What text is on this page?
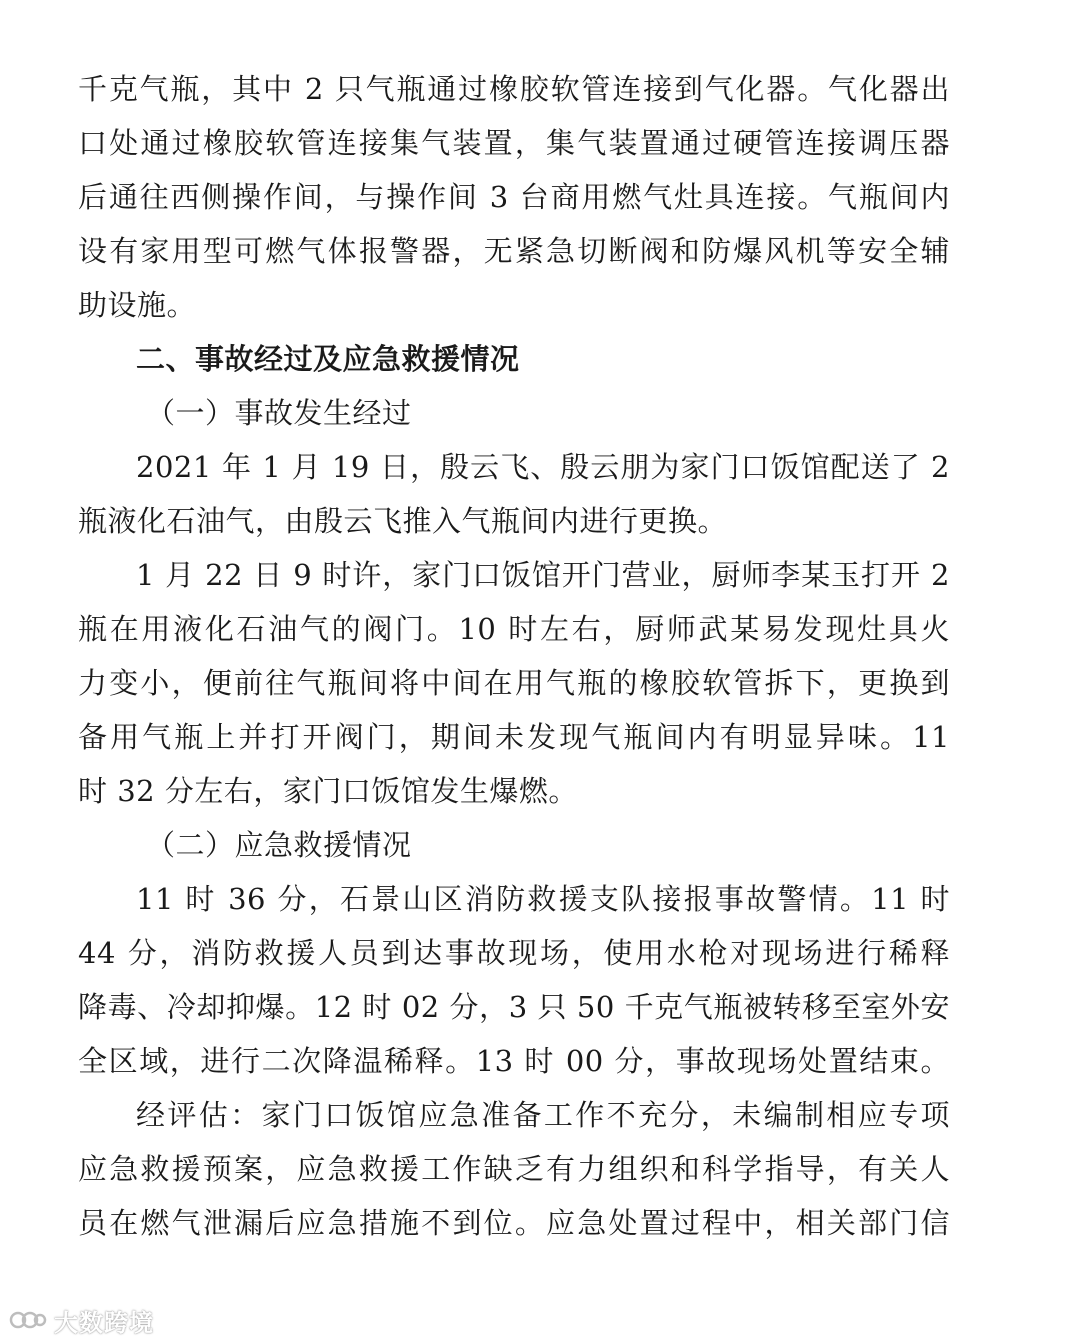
千克气瓶，其中 2 只气瓶通过橡胶软管连接到气化器。气化器出
口处通过橡胶软管连接集气装置，集气装置通过硬管连接调压器
后通往西侧操作间，与操作间 3 台商用燃气灶具连接。气瓶间内
设有家用型可燃气体报警器，无紧急切断阀和防爆风机等安全辅
助设施。
二、事故经过及应急救援情况
（一）事故发生经过
2021 年 1 月 19 日，殷云飞、殷云朋为家门口饭馆配送了 2
瓶液化石油气，由殷云飞推入气瓶间内进行更换。
1 月 22 日 9 时许，家门口饭馆开门营业，厨师李某玉打开 2
瓶在用液化石油气的阀门。10 时左右，厨师武某易发现灶具火
力变小，便前往气瓶间将中间在用气瓶的橡胶软管拆下，更换到
备用气瓶上并打开阀门，期间未发现气瓶间内有明显异味。11
时 32 分左右，家门口饭馆发生爆燃。
（二）应急救援情况
11 时 36 分，石景山区消防救援支队接报事故警情。11 时
44 分，消防救援人员到达事故现场，使用水枪对现场进行稀释
降毒、冷却抑爆。12 时 02 分，3 只 50 千克气瓶被转移至室外安
全区域，进行二次降温稀释。13 时 00 分，事故现场处置结束。
经评估：家门口饭馆应急准备工作不充分，未编制相应专项
应急救援预案，应急救援工作缺乏有力组织和科学指导，有关人
员在燃气泄漏后应急措施不到位。应急处置过程中，相关部门信
大数跨境
